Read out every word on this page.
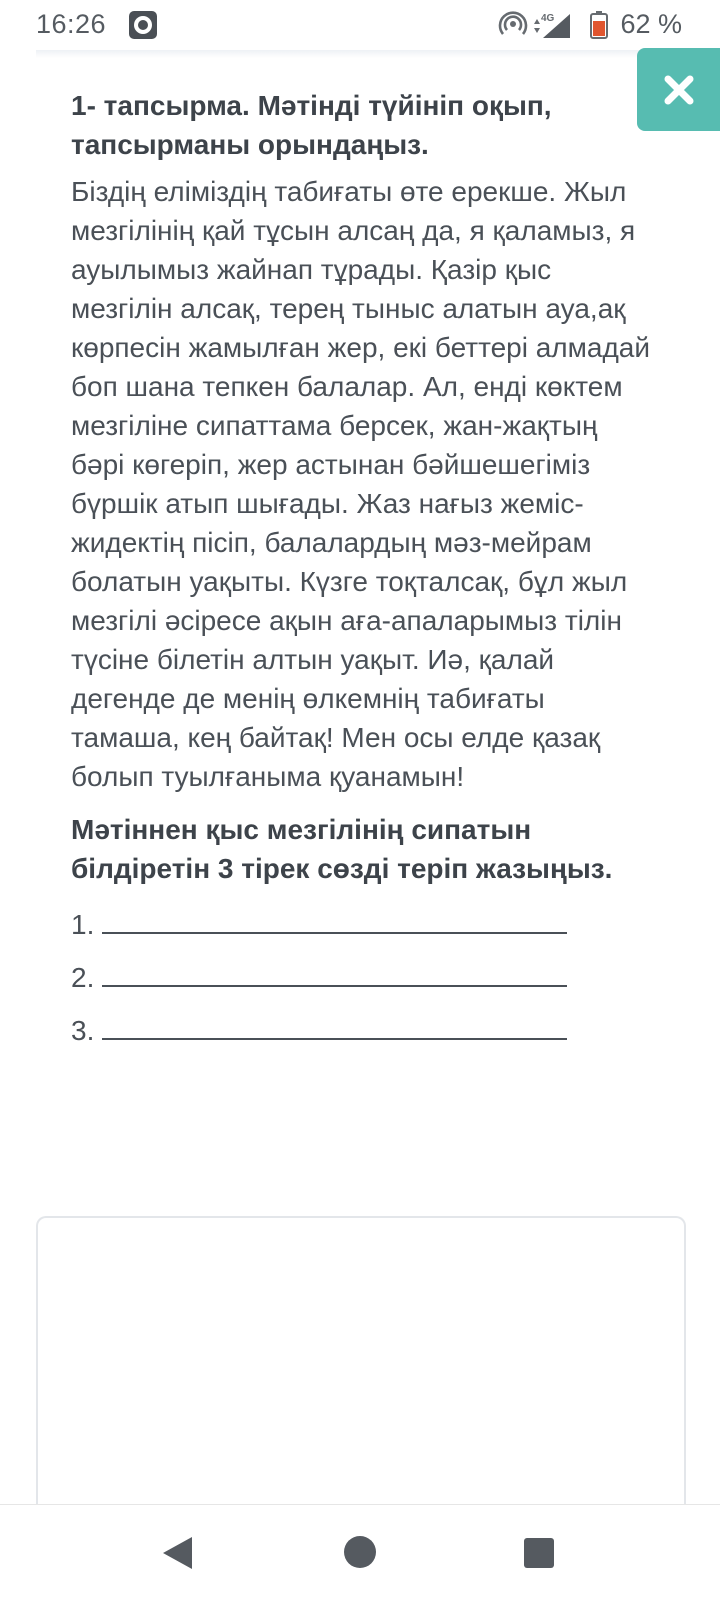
16:26	4G 62 %

1- тапсырма. Мәтінді түйініп оқып, тапсырманы орындаңыз.

Біздің еліміздің табиғаты өте ерекше. Жыл мезгілінің қай тұсын алсаң да, я қаламыз, я ауылымыз жайнап тұрады. Қазір қыс мезгілін алсақ, терең тыныс алатын ауа,ақ көрпесін жамылған жер, екі беттері алмадай боп шана тепкен балалар. Ал, енді көктем мезгіліне сипаттама берсек, жан-жақтың бәрі көгеріп, жер астынан бәйшешегіміз бүршік атып шығады. Жаз нағыз жеміс-жидектің пісіп, балалардың мәз-мейрам болатын уақыты. Күзге тоқталсақ, бұл жыл мезгілі әсіресе ақын аға-апаларымыз тілін түсіне білетін алтын уақыт. Иә, қалай дегенде де менің өлкемнің табиғаты тамаша, кең байтақ! Мен осы елде қазақ болып туылғаныма қуанамын!

Мәтіннен қыс мезгілінің сипатын білдіретін 3 тірек сөзді теріп жазыңыз.

1.
2.
3.
